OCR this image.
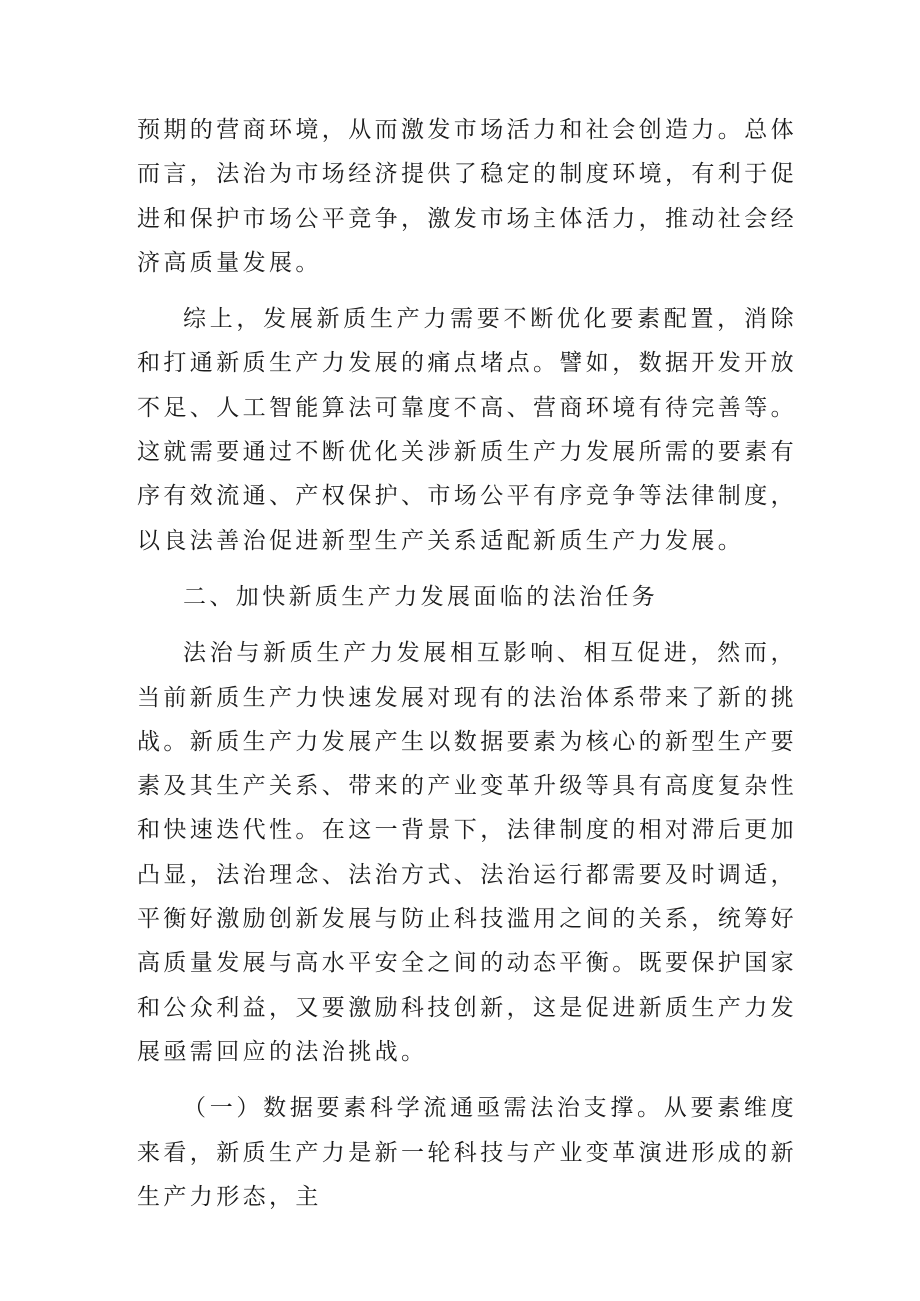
预期的营商环境，从而激发市场活力和社会创造力。总体而言，法治为市场经济提供了稳定的制度环境，有利于促进和保护市场公平竞争，激发市场主体活力，推动社会经济高质量发展。

综上，发展新质生产力需要不断优化要素配置，消除和打通新质生产力发展的痛点堵点。譬如，数据开发开放不足、人工智能算法可靠度不高、营商环境有待完善等。这就需要通过不断优化关涉新质生产力发展所需的要素有序有效流通、产权保护、市场公平有序竞争等法律制度，以良法善治促进新型生产关系适配新质生产力发展。

二、加快新质生产力发展面临的法治任务

法治与新质生产力发展相互影响、相互促进，然而，当前新质生产力快速发展对现有的法治体系带来了新的挑战。新质生产力发展产生以数据要素为核心的新型生产要素及其生产关系、带来的产业变革升级等具有高度复杂性和快速迭代性。在这一背景下，法律制度的相对滞后更加凸显，法治理念、法治方式、法治运行都需要及时调适，平衡好激励创新发展与防止科技滥用之间的关系，统筹好高质量发展与高水平安全之间的动态平衡。既要保护国家和公众利益，又要激励科技创新，这是促进新质生产力发展亟需回应的法治挑战。

（一）数据要素科学流通亟需法治支撑。从要素维度来看，新质生产力是新一轮科技与产业变革演进形成的新生产力形态，主
